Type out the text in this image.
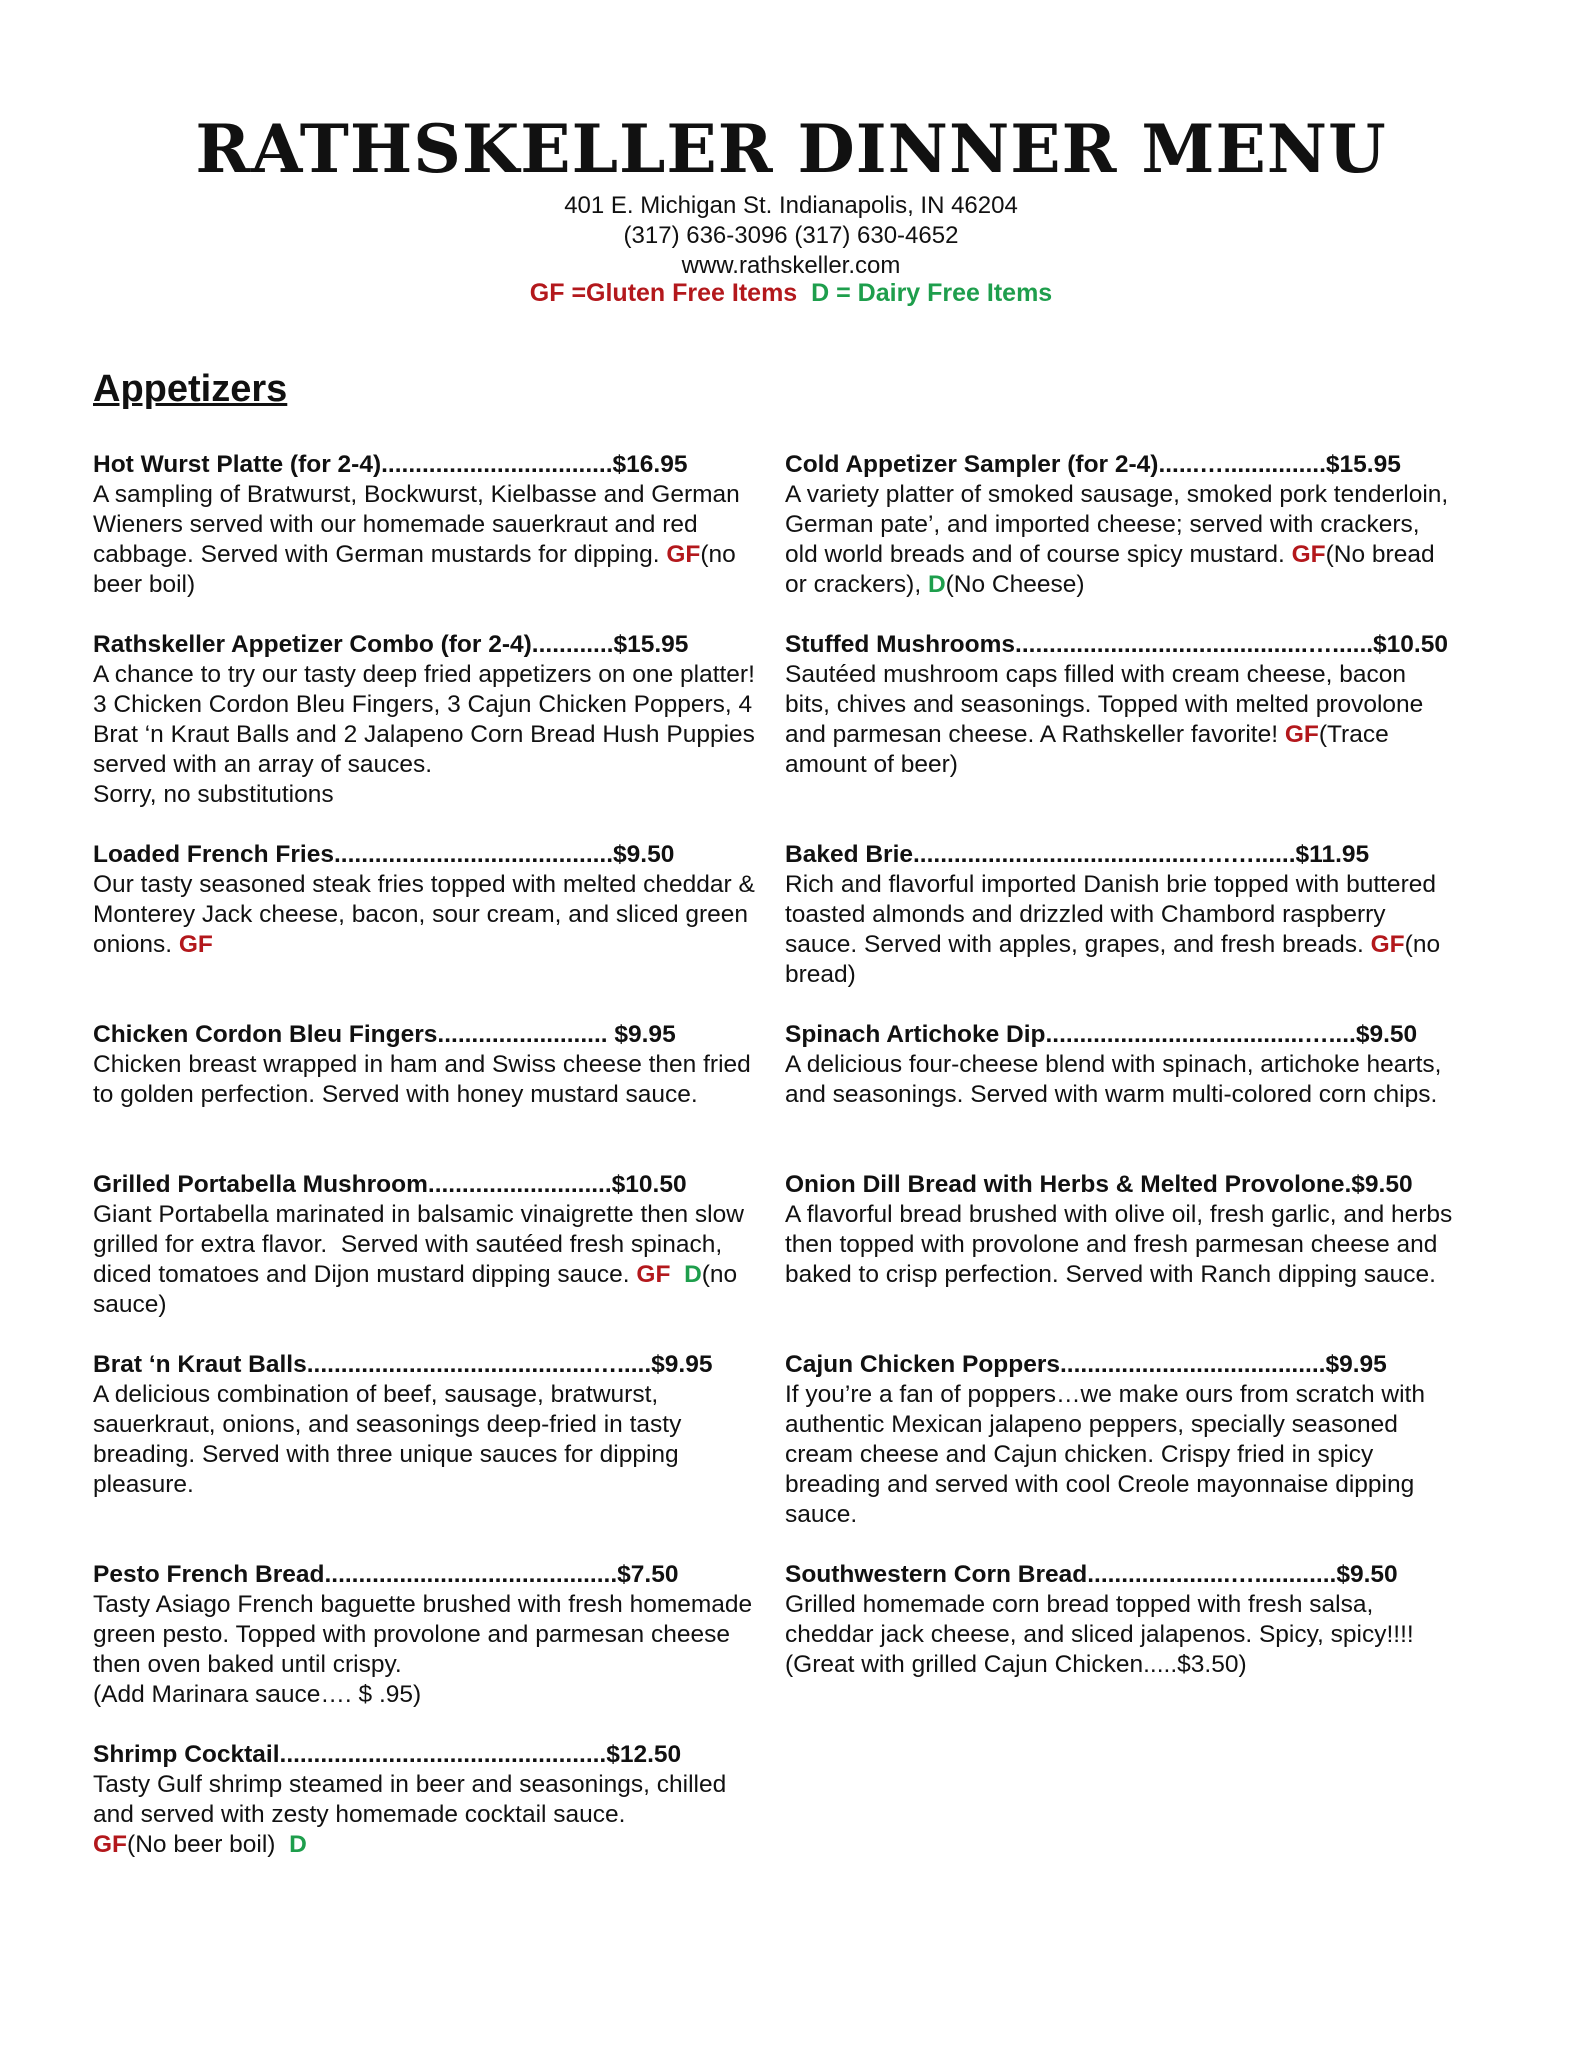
RATHSKELLER DINNER MENU
401 E. Michigan St. Indianapolis, IN 46204
(317) 636-3096 (317) 630-4652
www.rathskeller.com
GF =Gluten Free Items D = Dairy Free Items
Appetizers
Hot Wurst Platte (for 2-4)..................................$16.95
A sampling of Bratwurst, Bockwurst, Kielbasse and German Wieners served with our homemade sauerkraut and red cabbage. Served with German mustards for dipping. GF(no beer boil)
Rathskeller Appetizer Combo (for 2-4)............$15.95
A chance to try our tasty deep fried appetizers on one platter! 3 Chicken Cordon Bleu Fingers, 3 Cajun Chicken Poppers, 4 Brat ‘n Kraut Balls and 2 Jalapeno Corn Bread Hush Puppies served with an array of sauces.
Sorry, no substitutions
Loaded French Fries.........................................$9.50
Our tasty seasoned steak fries topped with melted cheddar & Monterey Jack cheese, bacon, sour cream, and sliced green onions. GF
Chicken Cordon Bleu Fingers......................... $9.95
Chicken breast wrapped in ham and Swiss cheese then fried to golden perfection. Served with honey mustard sauce.
Grilled Portabella Mushroom...........................$10.50
Giant Portabella marinated in balsamic vinaigrette then slow grilled for extra flavor.  Served with sautéed fresh spinach, diced tomatoes and Dijon mustard dipping sauce. GF D(no sauce)
Brat ‘n Kraut Balls..........................................….....$9.95
A delicious combination of beef, sausage, bratwurst, sauerkraut, onions, and seasonings deep-fried in tasty breading. Served with three unique sauces for dipping pleasure.
Pesto French Bread...........................................$7.50
Tasty Asiago French baguette brushed with fresh homemade green pesto. Topped with provolone and parmesan cheese then oven baked until crispy.
(Add Marinara sauce…. $ .95)
Shrimp Cocktail................................................$12.50
Tasty Gulf shrimp steamed in beer and seasonings, chilled and served with zesty homemade cocktail sauce.
GF(No beer boil)  D
Cold Appetizer Sampler (for 2-4)......…...............$15.95
A variety platter of smoked sausage, smoked pork tenderloin, German pate’, and imported cheese; served with crackers, old world breads and of course spicy mustard. GF(No bread or crackers), D(No Cheese)
Stuffed Mushrooms...........................................…......$10.50
Sautéed mushroom caps filled with cream cheese, bacon bits, chives and seasonings. Topped with melted provolone and parmesan cheese. A Rathskeller favorite! GF(Trace amount of beer)
Baked Brie..........................................….…......$11.95
Rich and flavorful imported Danish brie topped with buttered toasted almonds and drizzled with Chambord raspberry sauce. Served with apples, grapes, and fresh breads. GF(no bread)
Spinach Artichoke Dip......................................…....$9.50
A delicious four-cheese blend with spinach, artichoke hearts, and seasonings. Served with warm multi-colored corn chips.
Onion Dill Bread with Herbs & Melted Provolone.$9.50
A flavorful bread brushed with olive oil, fresh garlic, and herbs then topped with provolone and fresh parmesan cheese and baked to crisp perfection. Served with Ranch dipping sauce.
Cajun Chicken Poppers.......................................$9.95
If you’re a fan of poppers…we make ours from scratch with authentic Mexican jalapeno peppers, specially seasoned cream cheese and Cajun chicken. Crispy fried in spicy breading and served with cool Creole mayonnaise dipping sauce.
Southwestern Corn Bread.....................…............$9.50
Grilled homemade corn bread topped with fresh salsa, cheddar jack cheese, and sliced jalapenos. Spicy, spicy!!!! (Great with grilled Cajun Chicken.....$3.50)
